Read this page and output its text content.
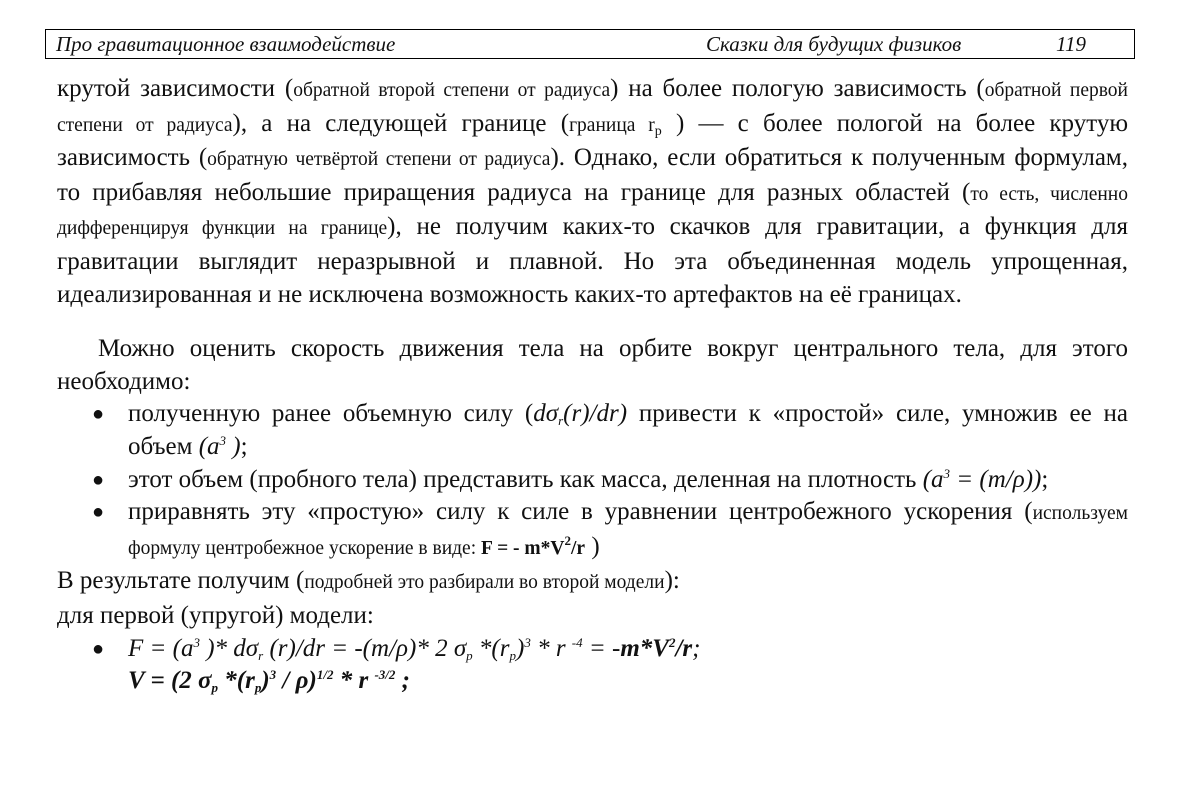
Про гравитационное взаимодействие	Сказки для будущих физиков	119

крутой зависимости (обратной второй степени от радиуса) на более пологую зависимость (обратной первой степени от радиуса), а на следующей границе (граница $r_p$ ) — с более пологой на более крутую зависимость (обратную четвёртой степени от радиуса). Однако, если обратиться к полученным формулам, то прибавляя небольшие приращения радиуса на границе для разных областей (то есть, численно дифференцируя функции на границе), не получим каких-то скачков для гравитации, а функция для гравитации выглядит неразрывной и плавной. Но эта объединенная модель упрощенная, идеализированная и не исключена возможность каких-то артефактов на её границах.

Можно оценить скорость движения тела на орбите вокруг центрального тела, для этого необходимо:

● полученную ранее объемную силу $(d\sigma_r(r)/dr)$ привести к «простой» силе, умножив ее на объем ($a^3$ );
● этот объем (пробного тела) представить как масса, деленная на плотность $(a^3 = (m/\rho))$;
● приравнять эту «простую» силу к силе в уравнении центробежного ускорения (используем формулу центробежное ускорение в виде: F = - $m*V^2/r$ )

В результате получим (подробней это разбирали во второй модели):

для первой (упругой) модели:

● $F = (a^3$ )* $d\sigma_r$ (r)/dr = -(m/ρ)* 2 $\sigma_p$ $*(r_p)^3$ * r $^{-4} = -m*V^2/r$;
V = (2 $\sigma_p$ $*(r_p)^3 / \rho)^{1/2}$ * r $^{-3/2}$ ;
